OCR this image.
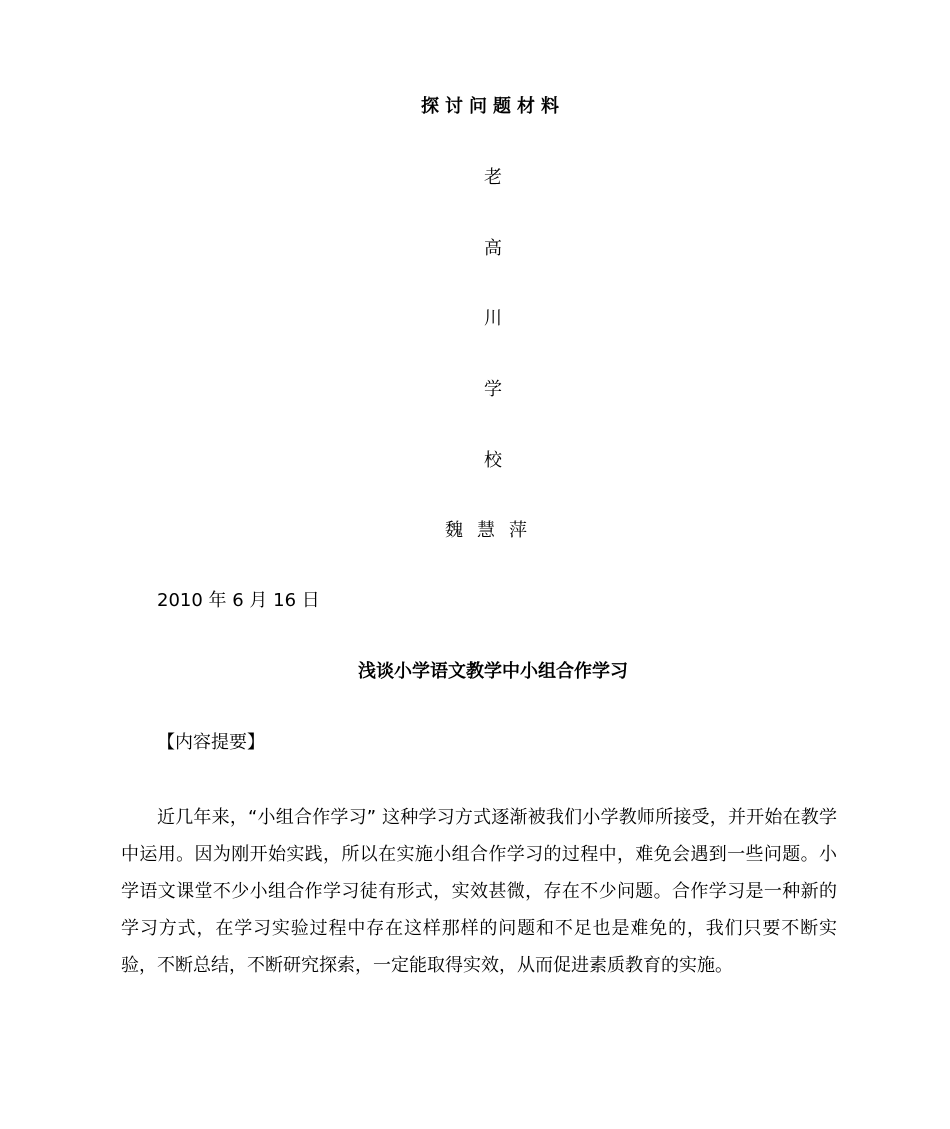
探讨问题材料
老
高
川
学
校
魏慧萍
2010 年 6 月 16 日
浅谈小学语文教学中小组合作学习
【内容提要】

近几年来，“小组合作学习” 这种学习方式逐渐被我们小学教师所接受，并开始在教学中运用。因为刚开始实践，所以在实施小组合作学习的过程中，难免会遇到一些问题。小学语文课堂不少小组合作学习徒有形式，实效甚微，存在不少问题。合作学习是一种新的学习方式，在学习实验过程中存在这样那样的问题和不足也是难免的，我们只要不断实验，不断总结，不断研究探索，一定能取得实效，从而促进素质教育的实施。
